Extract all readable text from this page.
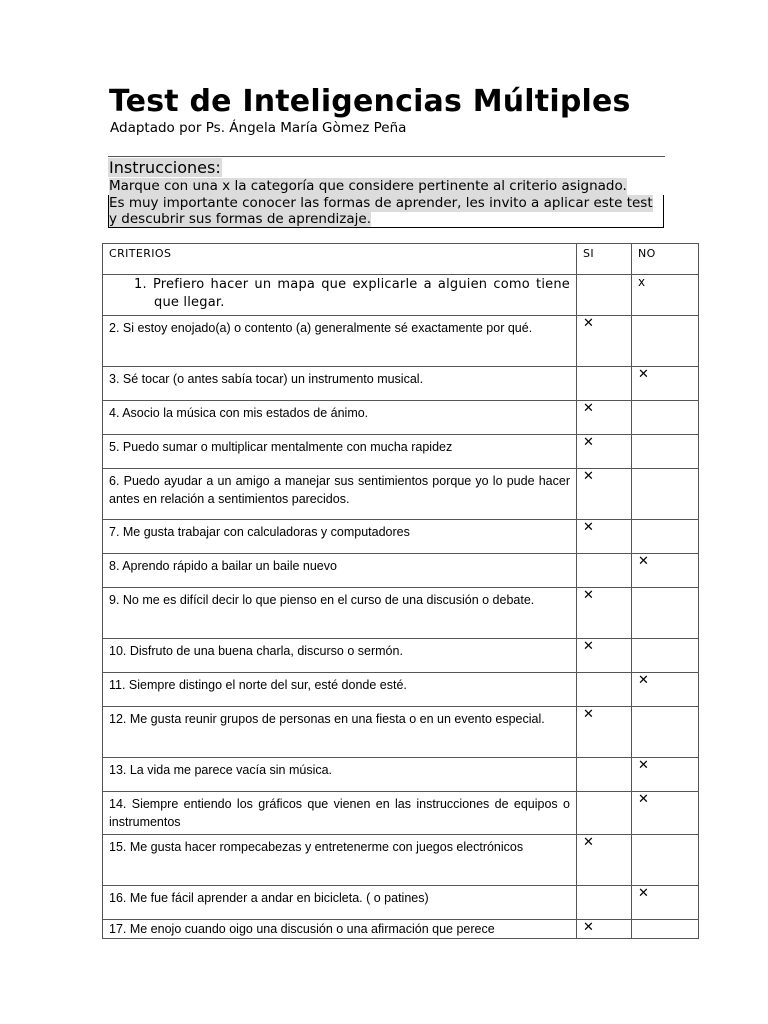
Test de Inteligencias Múltiples
Adaptado por Ps. Ángela María Gòmez Peña
Instrucciones:
Marque con una x la categoría que considere pertinente al criterio asignado.
Es muy importante conocer las formas de aprender, les invito a aplicar este test
y descubrir sus formas de aprendizaje.
CRITERIOS	SI	NO

1. Prefiero hacer un mapa que explicarle a alguien como tiene que llegar.		x
2. Si estoy enojado(a) o contento (a) generalmente sé exactamente por qué.	✕	
3. Sé tocar (o antes sabía tocar) un instrumento musical.		✕
4. Asocio la música con mis estados de ánimo.	✕	
5. Puedo sumar o multiplicar mentalmente con mucha rapidez	✕	
6. Puedo ayudar a un amigo a manejar sus sentimientos porque yo lo pude hacer antes en relación a sentimientos parecidos.	✕	
7. Me gusta trabajar con calculadoras y computadores	✕	
8. Aprendo rápido a bailar un baile nuevo		✕
9. No me es difícil decir lo que pienso en el curso de una discusión o debate.	✕	
10. Disfruto de una buena charla, discurso o sermón.	✕	
11. Siempre distingo el norte del sur, esté donde esté.		✕
12. Me gusta reunir grupos de personas en una fiesta o en un evento especial.	✕	
13. La vida me parece vacía sin música.		✕
14. Siempre entiendo los gráficos que vienen en las instrucciones de equipos o instrumentos		✕
15. Me gusta hacer rompecabezas y entretenerme con juegos electrónicos	✕	
16. Me fue fácil aprender a andar en bicicleta. ( o patines)		✕
17. Me enojo cuando oigo una discusión o una afirmación que perece	✕	
